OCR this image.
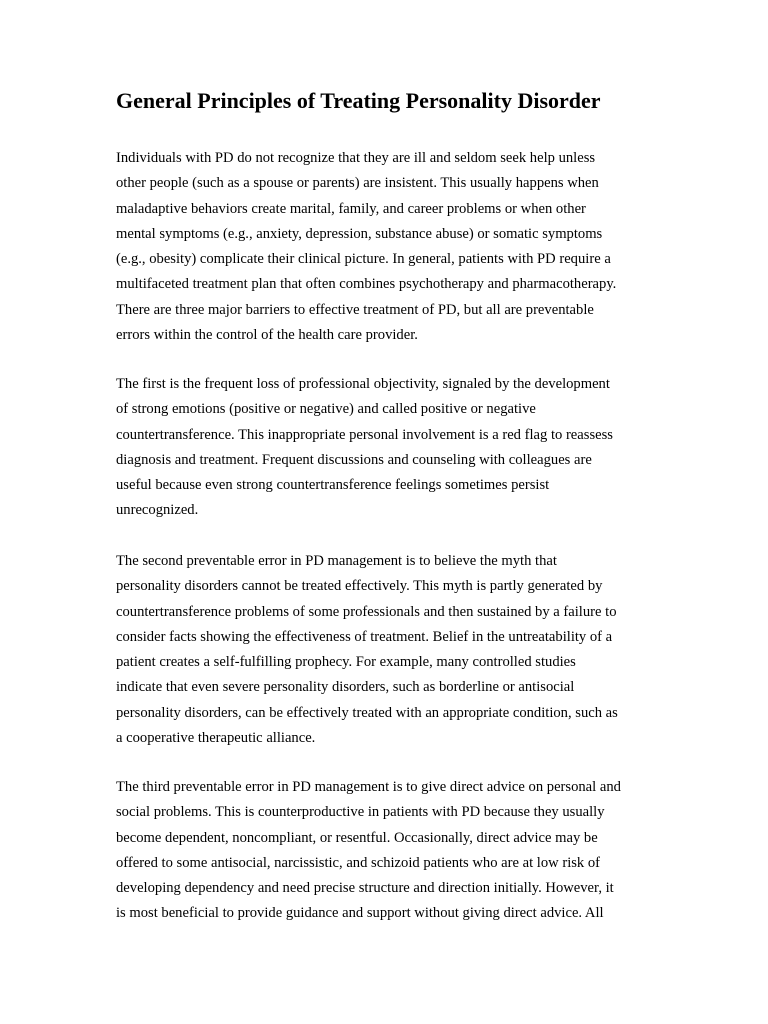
General Principles of Treating Personality Disorder

Individuals with PD do not recognize that they are ill and seldom seek help unless
other people (such as a spouse or parents) are insistent. This usually happens when
maladaptive behaviors create marital, family, and career problems or when other
mental symptoms (e.g., anxiety, depression, substance abuse) or somatic symptoms
(e.g., obesity) complicate their clinical picture. In general, patients with PD require a
multifaceted treatment plan that often combines psychotherapy and pharmacotherapy.
There are three major barriers to effective treatment of PD, but all are preventable
errors within the control of the health care provider.

The first is the frequent loss of professional objectivity, signaled by the development
of strong emotions (positive or negative) and called positive or negative
countertransference. This inappropriate personal involvement is a red flag to reassess
diagnosis and treatment. Frequent discussions and counseling with colleagues are
useful because even strong countertransference feelings sometimes persist
unrecognized.

The second preventable error in PD management is to believe the myth that
personality disorders cannot be treated effectively. This myth is partly generated by
countertransference problems of some professionals and then sustained by a failure to
consider facts showing the effectiveness of treatment. Belief in the untreatability of a
patient creates a self-fulfilling prophecy. For example, many controlled studies
indicate that even severe personality disorders, such as borderline or antisocial
personality disorders, can be effectively treated with an appropriate condition, such as
a cooperative therapeutic alliance.

The third preventable error in PD management is to give direct advice on personal and
social problems. This is counterproductive in patients with PD because they usually
become dependent, noncompliant, or resentful. Occasionally, direct advice may be
offered to some antisocial, narcissistic, and schizoid patients who are at low risk of
developing dependency and need precise structure and direction initially. However, it
is most beneficial to provide guidance and support without giving direct advice. All
